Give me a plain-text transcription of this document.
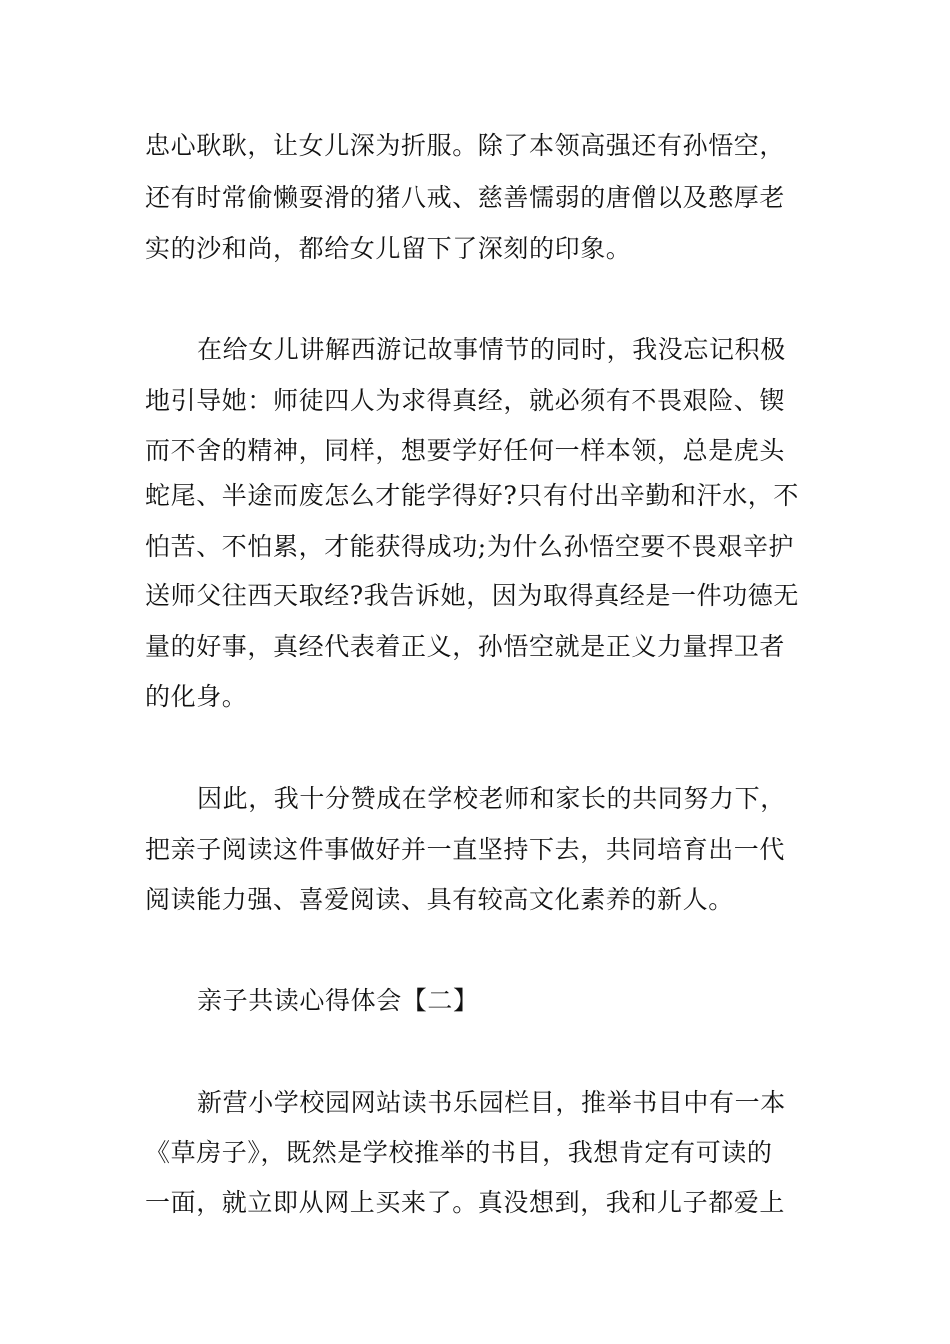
忠心耿耿，让女儿深为折服。除了本领高强还有孙悟空，
还有时常偷懒耍滑的猪八戒、慈善懦弱的唐僧以及憨厚老
实的沙和尚，都给女儿留下了深刻的印象。
在给女儿讲解西游记故事情节的同时，我没忘记积极
地引导她：师徒四人为求得真经，就必须有不畏艰险、锲
而不舍的精神，同样，想要学好任何一样本领，总是虎头
蛇尾、半途而废怎么才能学得好?只有付出辛勤和汗水，不
怕苦、不怕累，才能获得成功;为什么孙悟空要不畏艰辛护
送师父往西天取经?我告诉她，因为取得真经是一件功德无
量的好事，真经代表着正义，孙悟空就是正义力量捍卫者
的化身。
因此，我十分赞成在学校老师和家长的共同努力下，
把亲子阅读这件事做好并一直坚持下去，共同培育出一代
阅读能力强、喜爱阅读、具有较高文化素养的新人。
亲子共读心得体会【二】
新营小学校园网站读书乐园栏目，推举书目中有一本
《草房子》，既然是学校推举的书目，我想肯定有可读的
一面，就立即从网上买来了。真没想到，我和儿子都爱上
